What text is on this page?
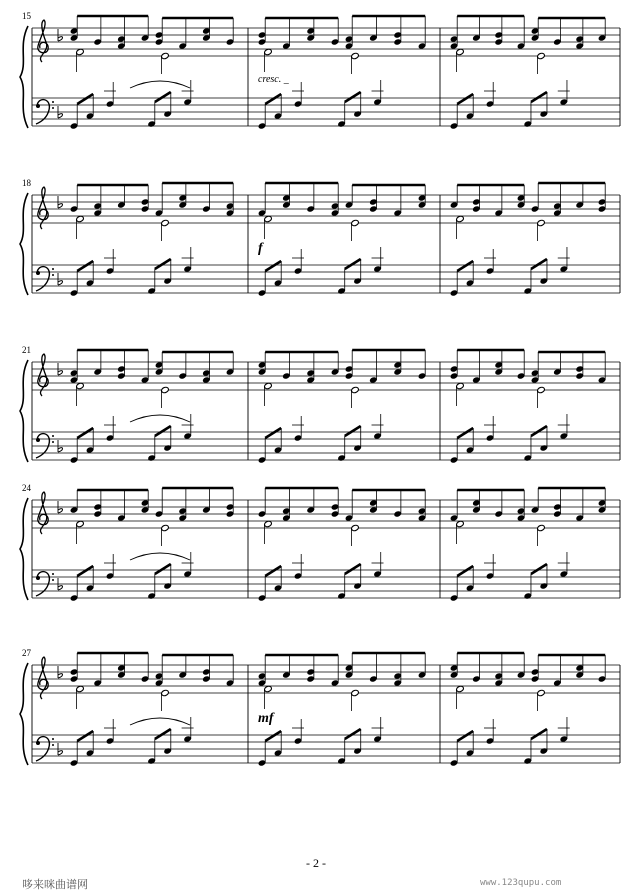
15
cresc. _
18
f
21
24
27
mf
- 2 -
哆来咪曲谱网	www.123qupu.com
